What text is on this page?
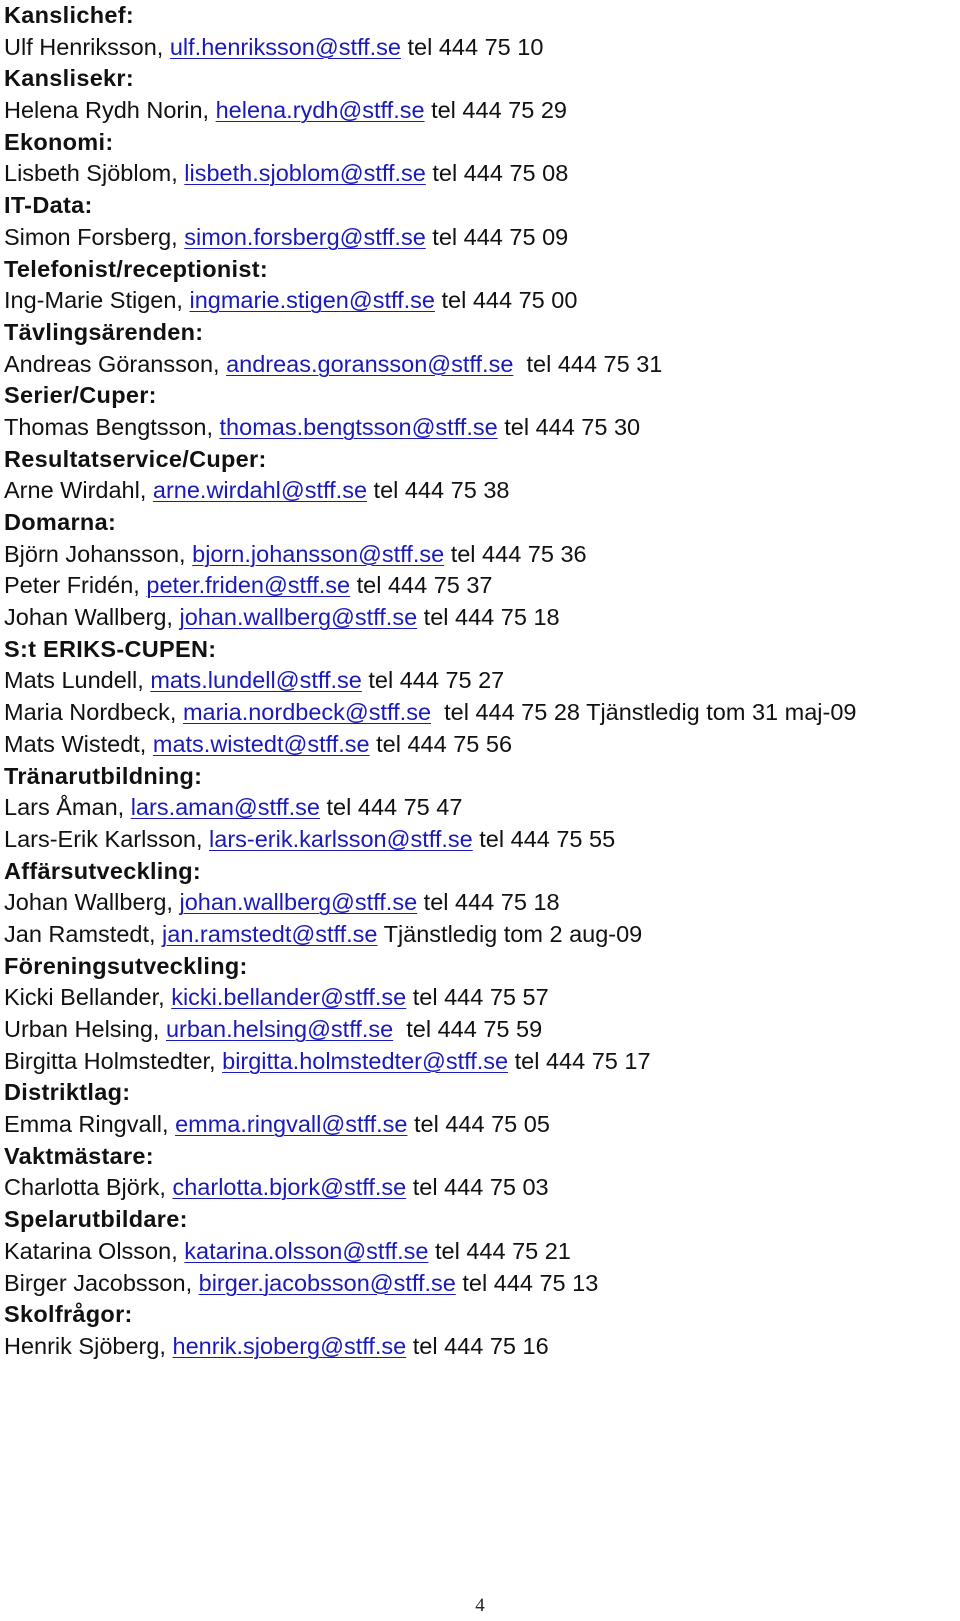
Kanslichef:
Ulf Henriksson, ulf.henriksson@stff.se tel 444 75 10
Kanslisekr:
Helena Rydh Norin, helena.rydh@stff.se tel 444 75 29
Ekonomi:
Lisbeth Sjöblom, lisbeth.sjoblom@stff.se tel 444 75 08
IT-Data:
Simon Forsberg, simon.forsberg@stff.se tel 444 75 09
Telefonist/receptionist:
Ing-Marie Stigen, ingmarie.stigen@stff.se tel 444 75 00
Tävlingsärenden:
Andreas Göransson, andreas.goransson@stff.se  tel 444 75 31
Serier/Cuper:
Thomas Bengtsson, thomas.bengtsson@stff.se tel 444 75 30
Resultatservice/Cuper:
Arne Wirdahl, arne.wirdahl@stff.se tel 444 75 38
Domarna:
Björn Johansson, bjorn.johansson@stff.se tel 444 75 36
Peter Fridén, peter.friden@stff.se tel 444 75 37
Johan Wallberg, johan.wallberg@stff.se tel 444 75 18
S:t ERIKS-CUPEN:
Mats Lundell, mats.lundell@stff.se tel 444 75 27
Maria Nordbeck, maria.nordbeck@stff.se  tel 444 75 28 Tjänstledig tom 31 maj-09
Mats Wistedt, mats.wistedt@stff.se tel 444 75 56
Tränarutbildning:
Lars Åman, lars.aman@stff.se tel 444 75 47
Lars-Erik Karlsson, lars-erik.karlsson@stff.se tel 444 75 55
Affärsutveckling:
Johan Wallberg, johan.wallberg@stff.se tel 444 75 18
Jan Ramstedt, jan.ramstedt@stff.se Tjänstledig tom 2 aug-09
Föreningsutveckling:
Kicki Bellander, kicki.bellander@stff.se tel 444 75 57
Urban Helsing, urban.helsing@stff.se  tel 444 75 59
Birgitta Holmstedter, birgitta.holmstedter@stff.se tel 444 75 17
Distriktlag:
Emma Ringvall, emma.ringvall@stff.se tel 444 75 05
Vaktmästare:
Charlotta Björk, charlotta.bjork@stff.se tel 444 75 03
Spelarutbildare:
Katarina Olsson, katarina.olsson@stff.se tel 444 75 21
Birger Jacobsson, birger.jacobsson@stff.se tel 444 75 13
Skolfrågor:
Henrik Sjöberg, henrik.sjoberg@stff.se tel 444 75 16
4
